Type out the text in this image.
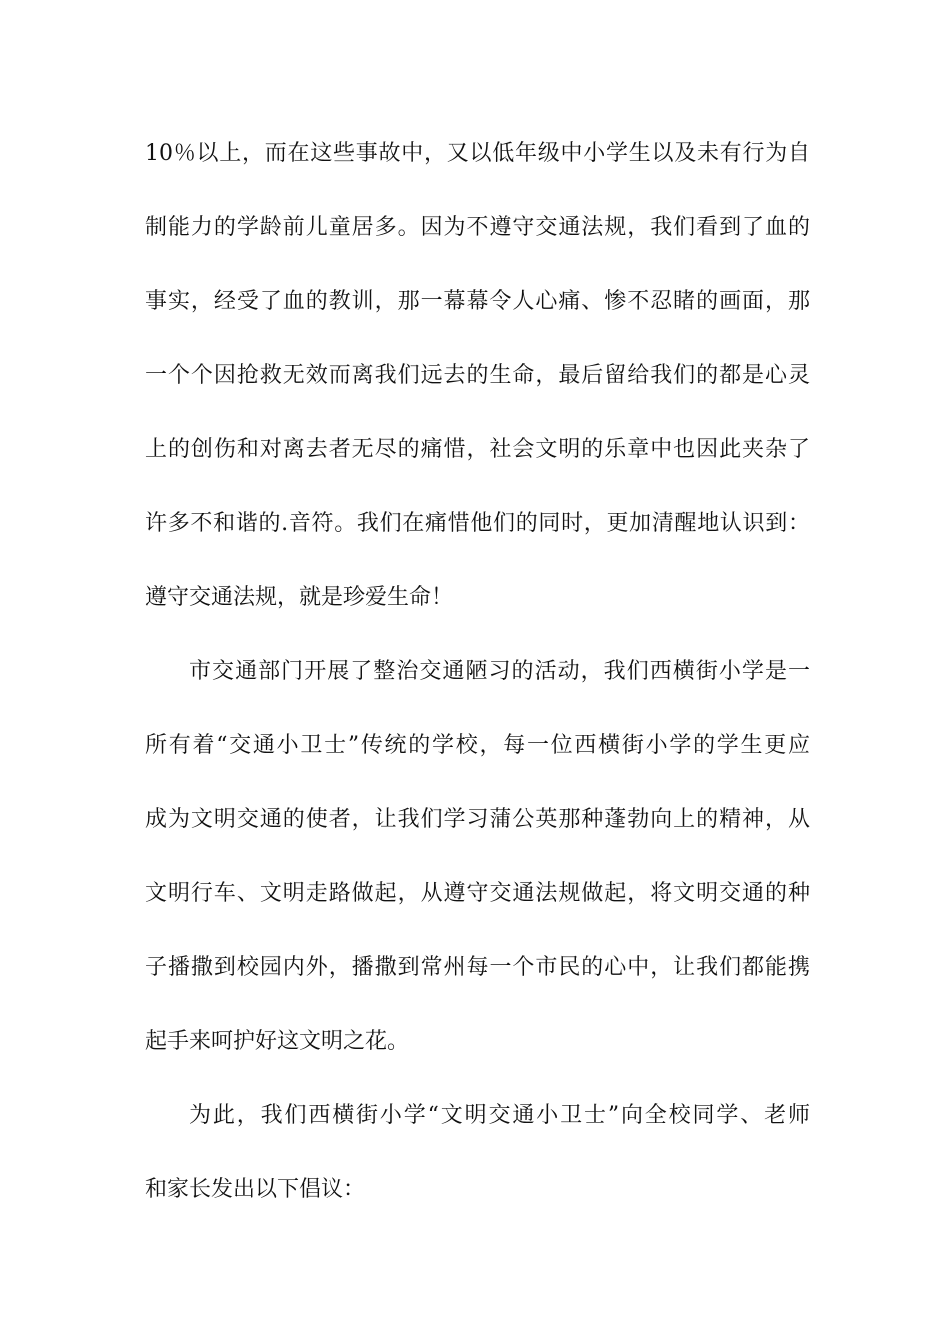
10％以上，而在这些事故中，又以低年级中小学生以及未有行为自
制能力的学龄前儿童居多。因为不遵守交通法规，我们看到了血的
事实，经受了血的教训，那一幕幕令人心痛、惨不忍睹的画面，那
一个个因抢救无效而离我们远去的生命，最后留给我们的都是心灵
上的创伤和对离去者无尽的痛惜，社会文明的乐章中也因此夹杂了
许多不和谐的.音符。我们在痛惜他们的同时，更加清醒地认识到：
遵守交通法规，就是珍爱生命！
市交通部门开展了整治交通陋习的活动，我们西横街小学是一
所有着“交通小卫士”传统的学校，每一位西横街小学的学生更应
成为文明交通的使者，让我们学习蒲公英那种蓬勃向上的精神，从
文明行车、文明走路做起，从遵守交通法规做起，将文明交通的种
子播撒到校园内外，播撒到常州每一个市民的心中，让我们都能携
起手来呵护好这文明之花。
为此，我们西横街小学“文明交通小卫士”向全校同学、老师
和家长发出以下倡议：
